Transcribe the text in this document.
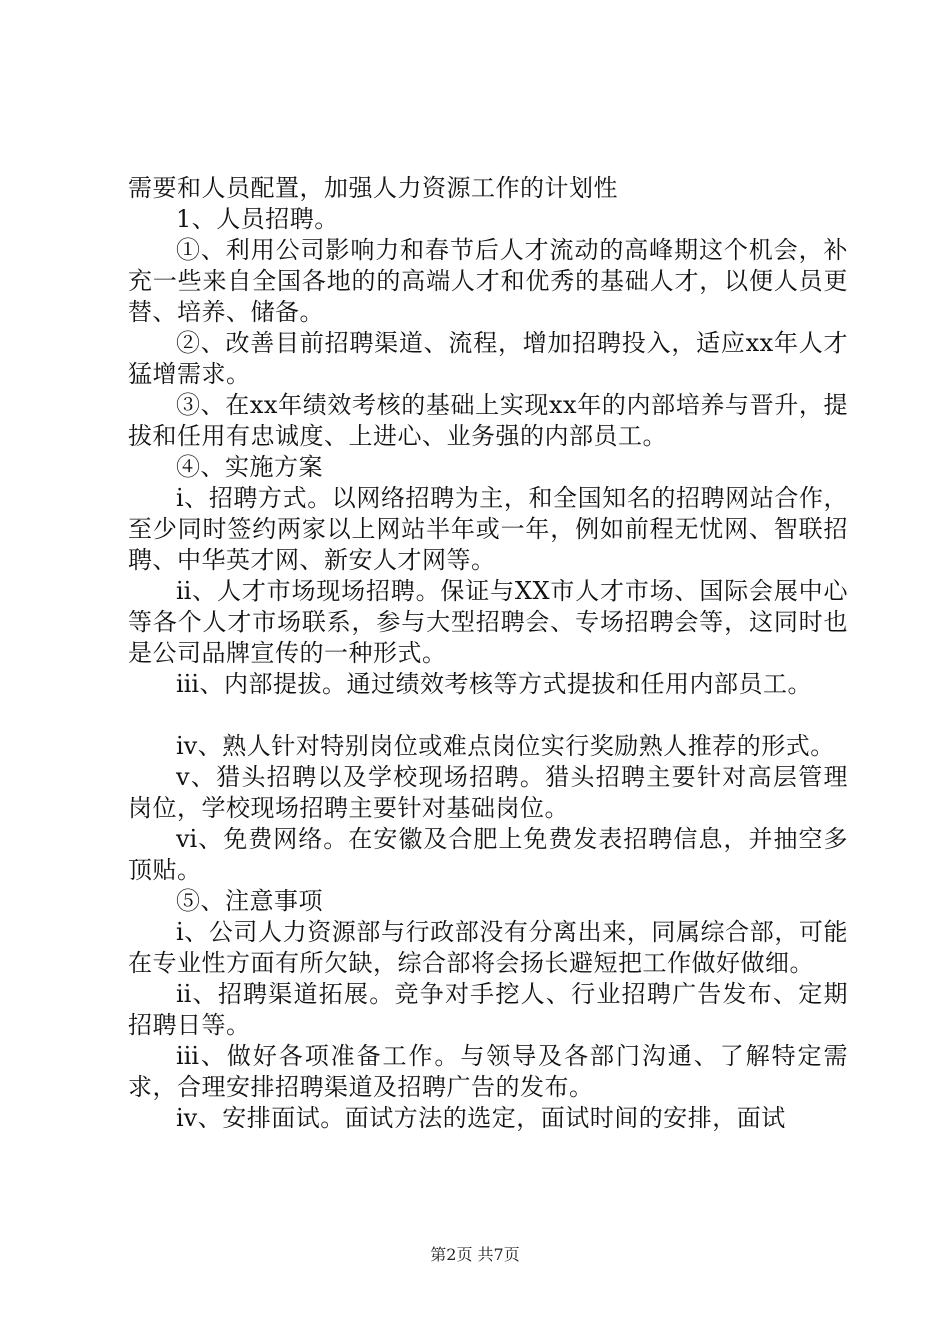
需要和人员配置，加强人力资源工作的计划性

1、人员招聘。

①、利用公司影响力和春节后人才流动的高峰期这个机会，补充一些来自全国各地的的高端人才和优秀的基础人才，以便人员更替、培养、储备。

②、改善目前招聘渠道、流程，增加招聘投入，适应xx年人才猛增需求。

③、在xx年绩效考核的基础上实现xx年的内部培养与晋升，提拔和任用有忠诚度、上进心、业务强的内部员工。

④、实施方案

ⅰ、招聘方式。以网络招聘为主，和全国知名的招聘网站合作，至少同时签约两家以上网站半年或一年，例如前程无忧网、智联招聘、中华英才网、新安人才网等。

ⅱ、人才市场现场招聘。保证与XX市人才市场、国际会展中心等各个人才市场联系，参与大型招聘会、专场招聘会等，这同时也是公司品牌宣传的一种形式。

ⅲ、内部提拔。通过绩效考核等方式提拔和任用内部员工。

ⅳ、熟人针对特别岗位或难点岗位实行奖励熟人推荐的形式。

ⅴ、猎头招聘以及学校现场招聘。猎头招聘主要针对高层管理岗位，学校现场招聘主要针对基础岗位。

ⅵ、免费网络。在安徽及合肥上免费发表招聘信息，并抽空多顶贴。

⑤、注意事项

ⅰ、公司人力资源部与行政部没有分离出来，同属综合部，可能在专业性方面有所欠缺，综合部将会扬长避短把工作做好做细。

ⅱ、招聘渠道拓展。竞争对手挖人、行业招聘广告发布、定期招聘日等。

ⅲ、做好各项准备工作。与领导及各部门沟通、了解特定需求，合理安排招聘渠道及招聘广告的发布。

ⅳ、安排面试。面试方法的选定，面试时间的安排，面试

第2页 共7页
